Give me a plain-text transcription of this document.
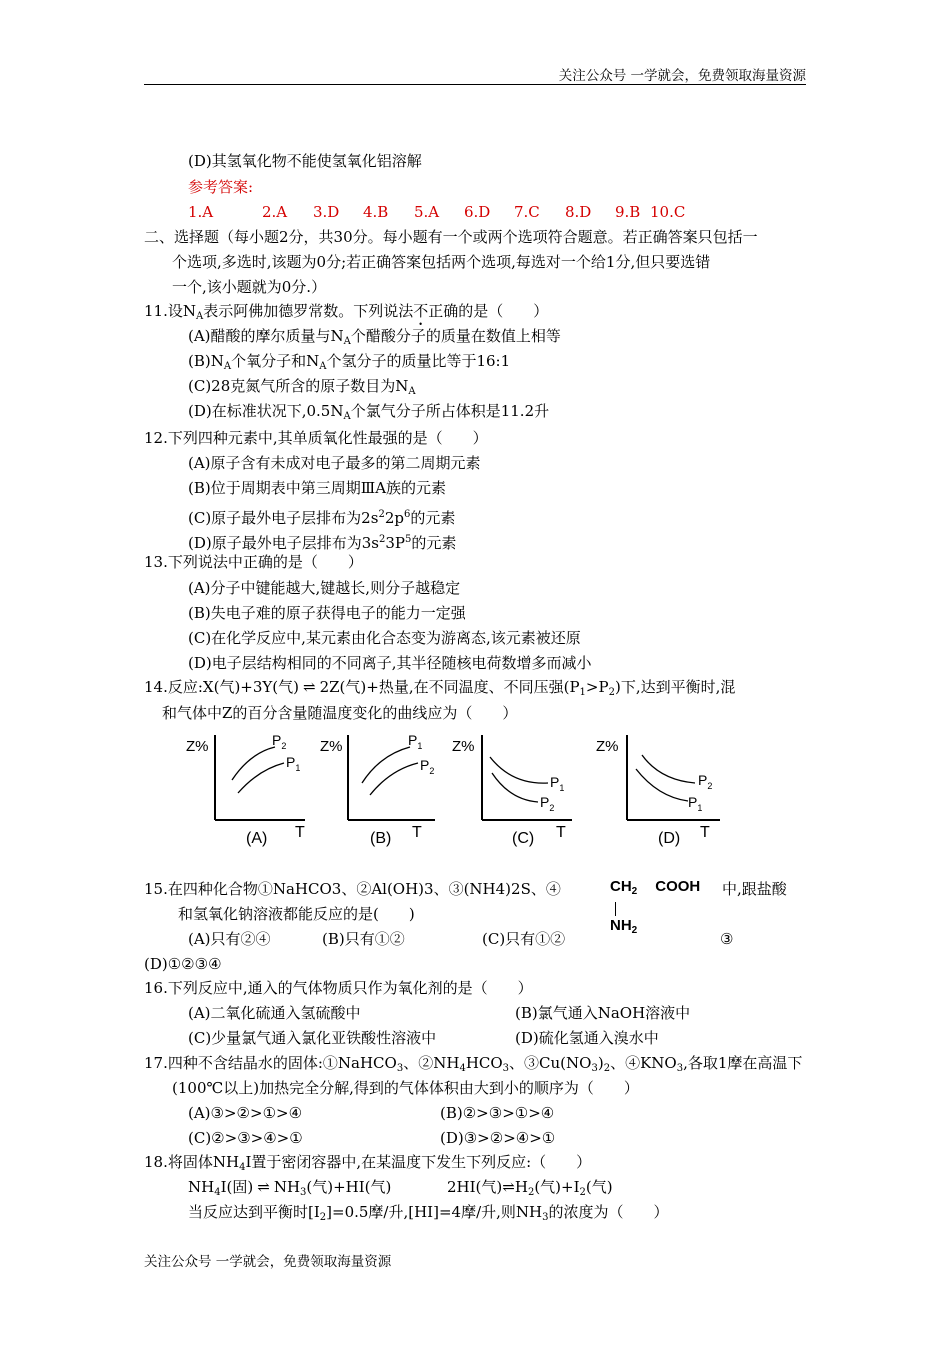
关注公众号 一学就会，免费领取海量资源
(D)其氢氧化物不能使氢氧化铝溶解
参考答案:
1.A	2.A 3.D 4.B 5.A 6.D 7.C 8.D 9.B 10.C
二、选择题（每小题2分，共30分。每小题有一个或两个选项符合题意。若正确答案只包括一
个选项,多选时,该题为0分;若正确答案包括两个选项,每选对一个给1分,但只要选错
一个,该小题就为0分.）
11.设$N_A$表示阿佛加德罗常数。下列说法不正确的是（　　）
(A)醋酸的摩尔质量与$N_A$个醋酸分子的质量在数值上相等
$(B)N_A$个氧分子和$N_A$个氢分子的质量比等于16:1
(C)28克氮气所含的原子数目为$N_A$
(D)在标准状况下$,0.5N_A$个氯气分子所占体积是11.2升
12.下列四种元素中,其单质氧化性最强的是（　　）
(A)原子含有未成对电子最多的第二周期元素
(B)位于周期表中第三周期ⅢA族的元素
(C)原子最外电子层排布为$2s^22p^6$的元素
(D)原子最外电子层排布为$3s^23P^5$的元素
13.下列说法中正确的是（　　）
(A)分子中键能越大,键越长,则分子越稳定
(B)失电子难的原子获得电子的能力一定强
(C)在化学反应中,某元素由化合态变为游离态,该元素被还原
(D)电子层结构相同的不同离子,其半径随核电荷数增多而减小
14.反应:X(气)+3Y(气) ⇌ 2Z(气)+热量,在不同温度、不同压强$(P_1>P_2)$下,达到平衡时,混
和气体中Z的百分含量随温度变化的曲线应为（　　）
Z%
T
$P_2$
$P_1$
(A)
Z%
T
$P_1$
$P_2$
(B)
Z%
T
$P_1$
$P_2$
(C)
Z%
T
$P_2$
$P_1$
(D)
15.在四种化合物①NaHCO3、②Al(OH)3、③(NH4)2S、④	$CH_2$ COOH
$NH_2$
中,跟盐酸
和氢氧化钠溶液都能反应的是(　　)
(A)只有②④	(B)只有①②	(C)只有①②	③
(D)①②③④
16.下列反应中,通入的气体物质只作为氧化剂的是（　　）
(A)二氧化硫通入氢硫酸中	(B)氯气通入NaOH溶液中
(C)少量氯气通入氯化亚铁酸性溶液中	(D)硫化氢通入溴水中
17.四种不含结晶水的固体:①NaHCO$_3$、$②NH_4HCO_3$、$③Cu(NO_3)_2$、$④KNO_3$,各取1摩在高温下
(100℃以上)加热完全分解,得到的气体体积由大到小的顺序为（　　）
(A)③>②>①>④	(B)②>③>①>④
(C)②>③>④>①	(D)③>②>④>①
18.将固体$NH_4I$置于密闭容器中,在某温度下发生下列反应:（　　）
$NH_4I$(固) ⇌ $NH_3$(气)+HI(气)	2HI(气)$\rightleftharpoons H_2$(气)$+I_2$(气)
当反应达到平衡时$[I_2]=0.5$摩/升,[HI]=4摩/升,则$NH_3$的浓度为（　　）
关注公众号 一学就会，免费领取海量资源
